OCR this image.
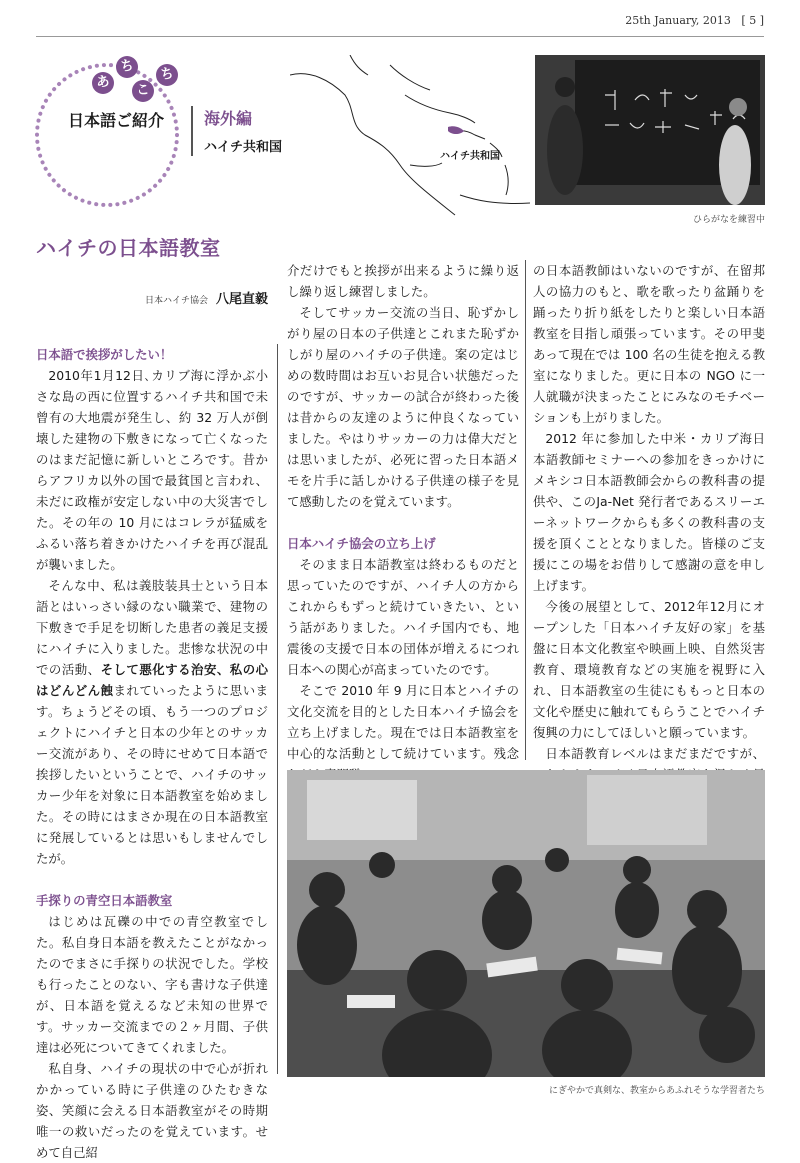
25th January, 2013 [ 5 ]
あ
ち
こ
ち
日本語ご紹介 海外編
ハイチ共和国
ハイチ共和国
ひらがなを練習中
ハイチの日本語教室
日本ハイチ協会 八尾直毅
日本語で挨拶がしたい！

2010年1月12日､カリブ海に浮かぶ小さな島の西に位置するハイチ共和国で未曾有の大地震が発生し、約 32 万人が倒壊した建物の下敷きになって亡くなったのはまだ記憶に新しいところです。昔からアフリカ以外の国で最貧国と言われ、未だに政権が安定しない中の大災害でした。その年の 10 月にはコレラが猛威をふるい落ち着きかけたハイチを再び混乱が襲いました。

そんな中、私は義肢装具士という日本語とはいっさい縁のない職業で、建物の下敷きで手足を切断した患者の義足支援にハイチに入りました。悲惨な状況の中での活動、そして悪化する治安、私の心はどんどん蝕まれていったように思います。ちょうどその頃、もう一つのプロジェクトにハイチと日本の少年とのサッカー交流があり、その時にせめて日本語で挨拶したいということで、ハイチのサッカー少年を対象に日本語教室を始めました。その時にはまさか現在の日本語教室に発展しているとは思いもしませんでしたが。

手探りの青空日本語教室

はじめは瓦礫の中での青空教室でした。私自身日本語を教えたことがなかったのでまさに手探りの状況でした。学校も行ったことのない、字も書けな子供達が、日本語を覚えるなど未知の世界です。サッカー交流までの２ヶ月間、子供達は必死についてきてくれました。

私自身、ハイチの現状の中で心が折れかかっている時に子供達のひたむきな姿、笑顔に会える日本語教室がその時期唯一の救いだったのを覚えています。せめて自己紹

介だけでもと挨拶が出来るように繰り返し繰り返し練習しました。

そしてサッカー交流の当日、恥ずかしがり屋の日本の子供達とこれまた恥ずかしがり屋のハイチの子供達。案の定はじめの数時間はお互いお見合い状態だったのですが、サッカーの試合が終わった後は昔からの友達のように仲良くなっていました。やはりサッカーの力は偉大だとは思いましたが、必死に習った日本語メモを片手に話しかける子供達の様子を見て感動したのを覚えています。

日本ハイチ協会の立ち上げ

そのまま日本語教室は終わるものだと思っていたのですが、ハイチ人の方からこれからもずっと続けていきたい、という話がありました。ハイチ国内でも、地震後の支援で日本の団体が増えるにつれ日本への関心が高まっていたのです。

そこで 2010 年 9 月に日本とハイチの文化交流を目的とした日本ハイチ協会を立ち上げました。現在では日本語教室を中心的な活動として続けています。残念

の日本語教師はいないのですが、在留邦人の協力のもと、歌を歌ったり盆踊りを踊ったり折り紙をしたりと楽しい日本語教室を目指し頑張っています。その甲斐あって現在では 100 名の生徒を抱える教室になりました。更に日本の NGO に一人就職が決まったことにみなのモチベーションも上がりました。

2012 年に参加した中米・カリブ海日本語教師セミナーへの参加をきっかけにメキシコ日本語教師会からの教科書の提供や、このJa-Net 発行者であるスリーエーネットワークからも多くの教科書の支援を頂くこととなりました。皆様のご支援にこの場をお借りして感謝の意を申し上げます。

今後の展望として、2012年12月にオープンした「日本ハイチ友好の家」を基盤に日本文化教室や映画上映、自然災害教育、環境教育などの実施を視野に入れ、日本語教室の生徒にももっと日本の文化や歴史に触れてもらうことでハイチ復興の力にしてほしいと願っています。

日本語教育レベルはまだまだですが、

にぎやかで真剣な、教室からあふれそうな学習者たち
